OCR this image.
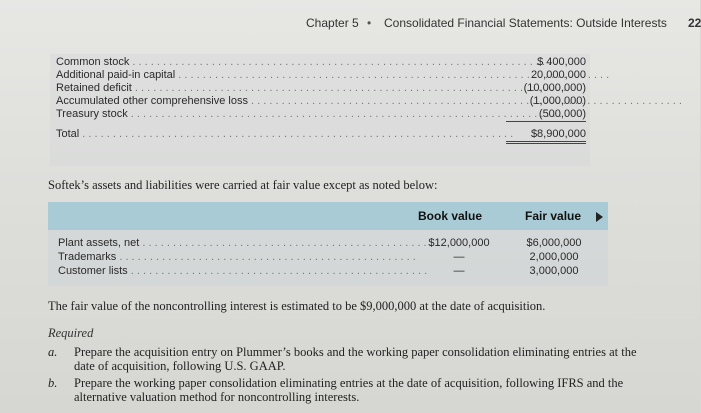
Chapter 5 • Consolidated Financial Statements: Outside Interests 22
Common stock . . .	$ 400,000
Additional paid-in capital . . .	20,000,000
Retained deficit . . .	(10,000,000)
Accumulated other comprehensive loss . . .	(1,000,000)
Treasury stock . . .	(500,000)
Total . . .	$8,900,000
Softek’s assets and liabilities were carried at fair value except as noted below:
Book value	Fair value
Plant assets, net . . .	$12,000,000	$6,000,000
Trademarks . . .	—	2,000,000
Customer lists . . .	—	3,000,000
The fair value of the noncontrolling interest is estimated to be $9,000,000 at the date of acquisition.
Required
a. Prepare the acquisition entry on Plummer’s books and the working paper consolidation eliminating entries at the date of acquisition, following U.S. GAAP.
b. Prepare the working paper consolidation eliminating entries at the date of acquisition, following IFRS and the alternative valuation method for noncontrolling interests.
